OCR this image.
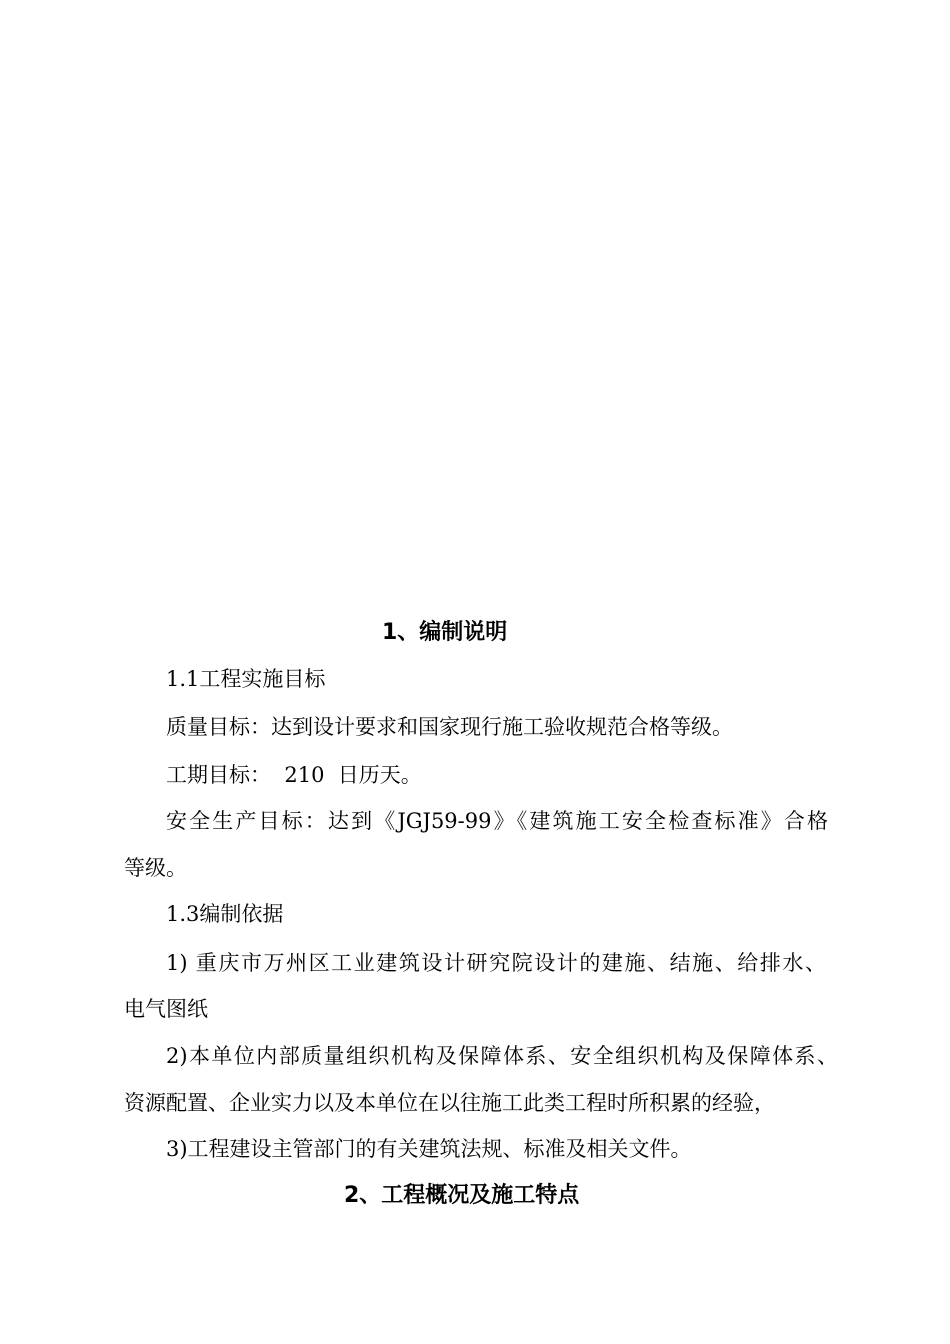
1、编制说明

1.1工程实施目标

质量目标：达到设计要求和国家现行施工验收规范合格等级。

工期目标：  210  日历天。

安全生产目标：达到《JGJ59-99》《建筑施工安全检查标准》合格

等级。

1.3编制依据

1) 重庆市万州区工业建筑设计研究院设计的建施、结施、给排水、

电气图纸

2)本单位内部质量组织机构及保障体系、安全组织机构及保障体系、

资源配置、企业实力以及本单位在以往施工此类工程时所积累的经验，

3)工程建设主管部门的有关建筑法规、标准及相关文件。

2、工程概况及施工特点
